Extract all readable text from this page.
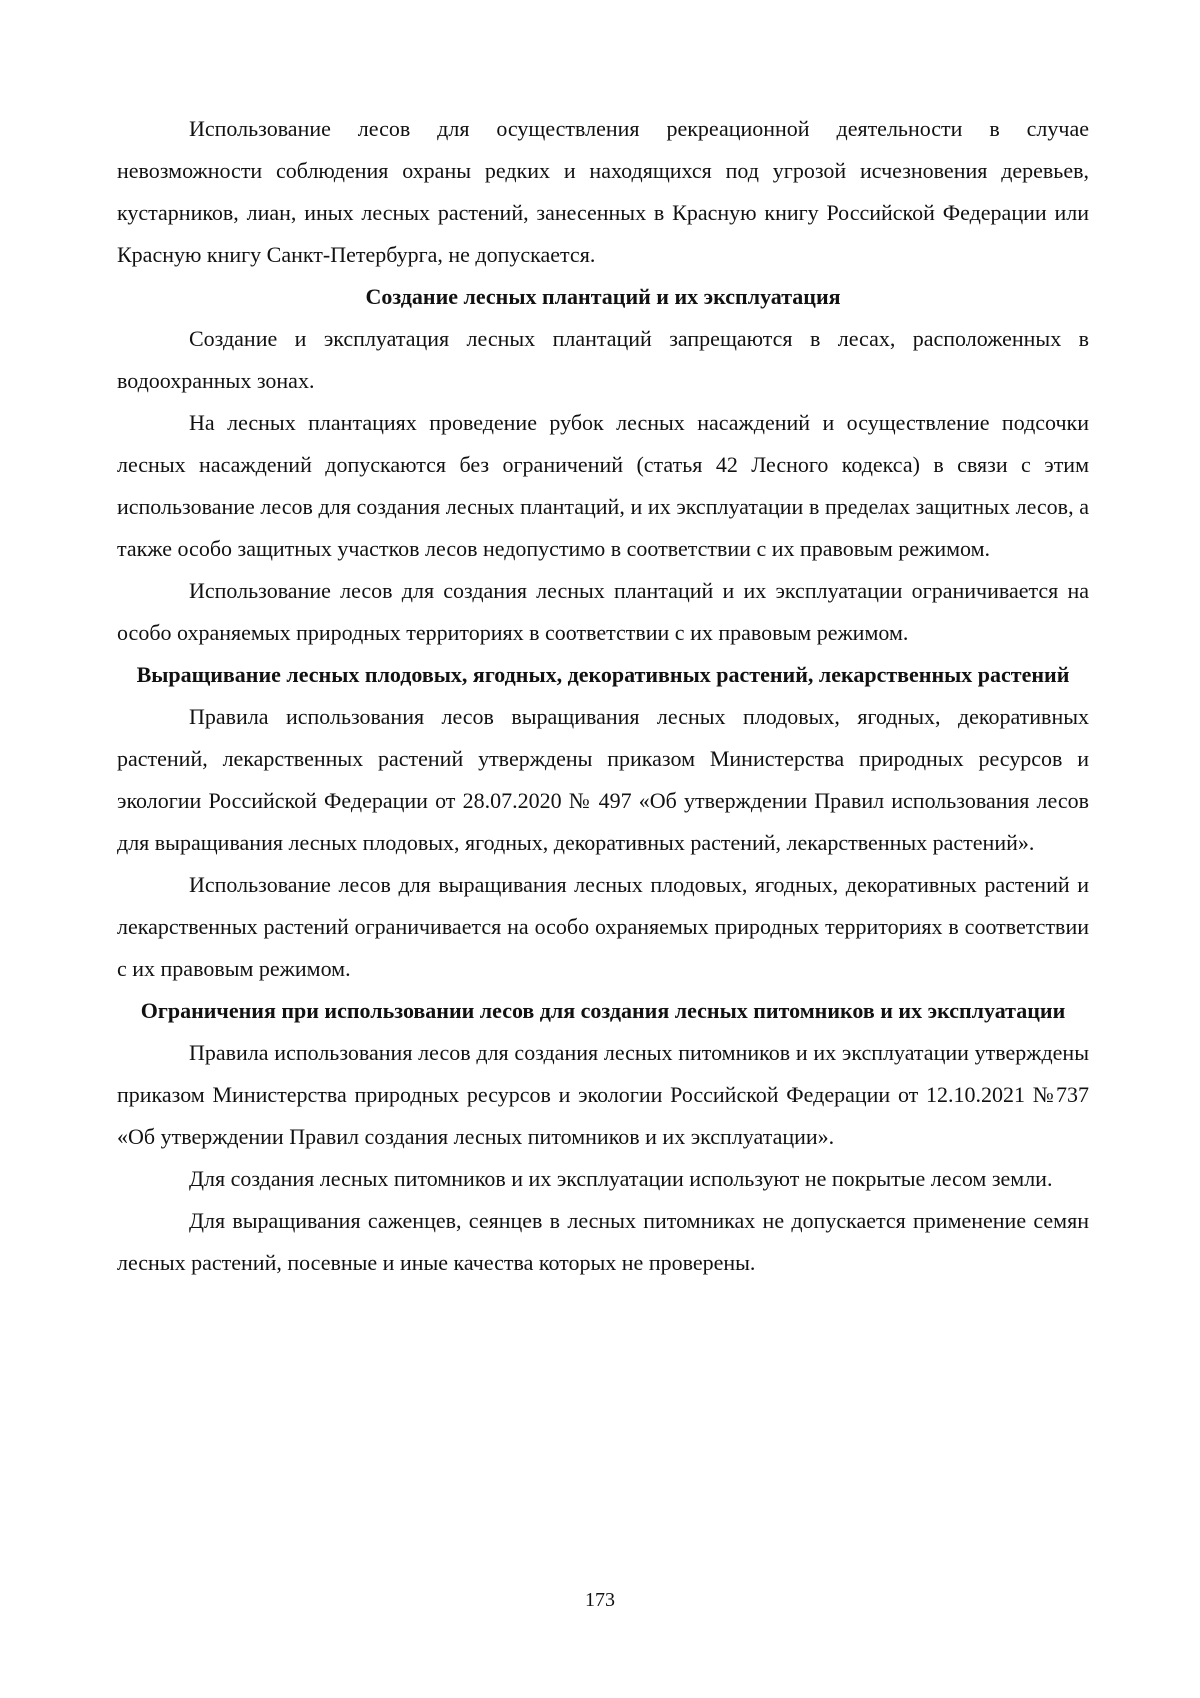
Использование лесов для осуществления рекреационной деятельности в случае невозможности соблюдения охраны редких и находящихся под угрозой исчезновения деревьев, кустарников, лиан, иных лесных растений, занесенных в Красную книгу Российской Федерации или Красную книгу Санкт-Петербурга, не допускается.

Создание лесных плантаций и их эксплуатация

Создание и эксплуатация лесных плантаций запрещаются в лесах, расположенных в водоохранных зонах.

На лесных плантациях проведение рубок лесных насаждений и осуществление подсочки лесных насаждений допускаются без ограничений (статья 42 Лесного кодекса) в связи с этим использование лесов для создания лесных плантаций, и их эксплуатации в пределах защитных лесов, а также особо защитных участков лесов недопустимо в соответствии с их правовым режимом.

Использование лесов для создания лесных плантаций и их эксплуатации ограничивается на особо охраняемых природных территориях в соответствии с их правовым режимом.

Выращивание лесных плодовых, ягодных, декоративных растений, лекарственных растений

Правила использования лесов выращивания лесных плодовых, ягодных, декоративных растений, лекарственных растений утверждены приказом Министерства природных ресурсов и экологии Российской Федерации от 28.07.2020 № 497 «Об утверждении Правил использования лесов для выращивания лесных плодовых, ягодных, декоративных растений, лекарственных растений».

Использование лесов для выращивания лесных плодовых, ягодных, декоративных растений и лекарственных растений ограничивается на особо охраняемых природных территориях в соответствии с их правовым режимом.

Ограничения при использовании лесов для создания лесных питомников и их эксплуатации

Правила использования лесов для создания лесных питомников и их эксплуатации утверждены приказом Министерства природных ресурсов и экологии Российской Федерации от 12.10.2021 №737 «Об утверждении Правил создания лесных питомников и их эксплуатации».

Для создания лесных питомников и их эксплуатации используют не покрытые лесом земли.

Для выращивания саженцев, сеянцев в лесных питомниках не допускается применение семян лесных растений, посевные и иные качества которых не проверены.

173
